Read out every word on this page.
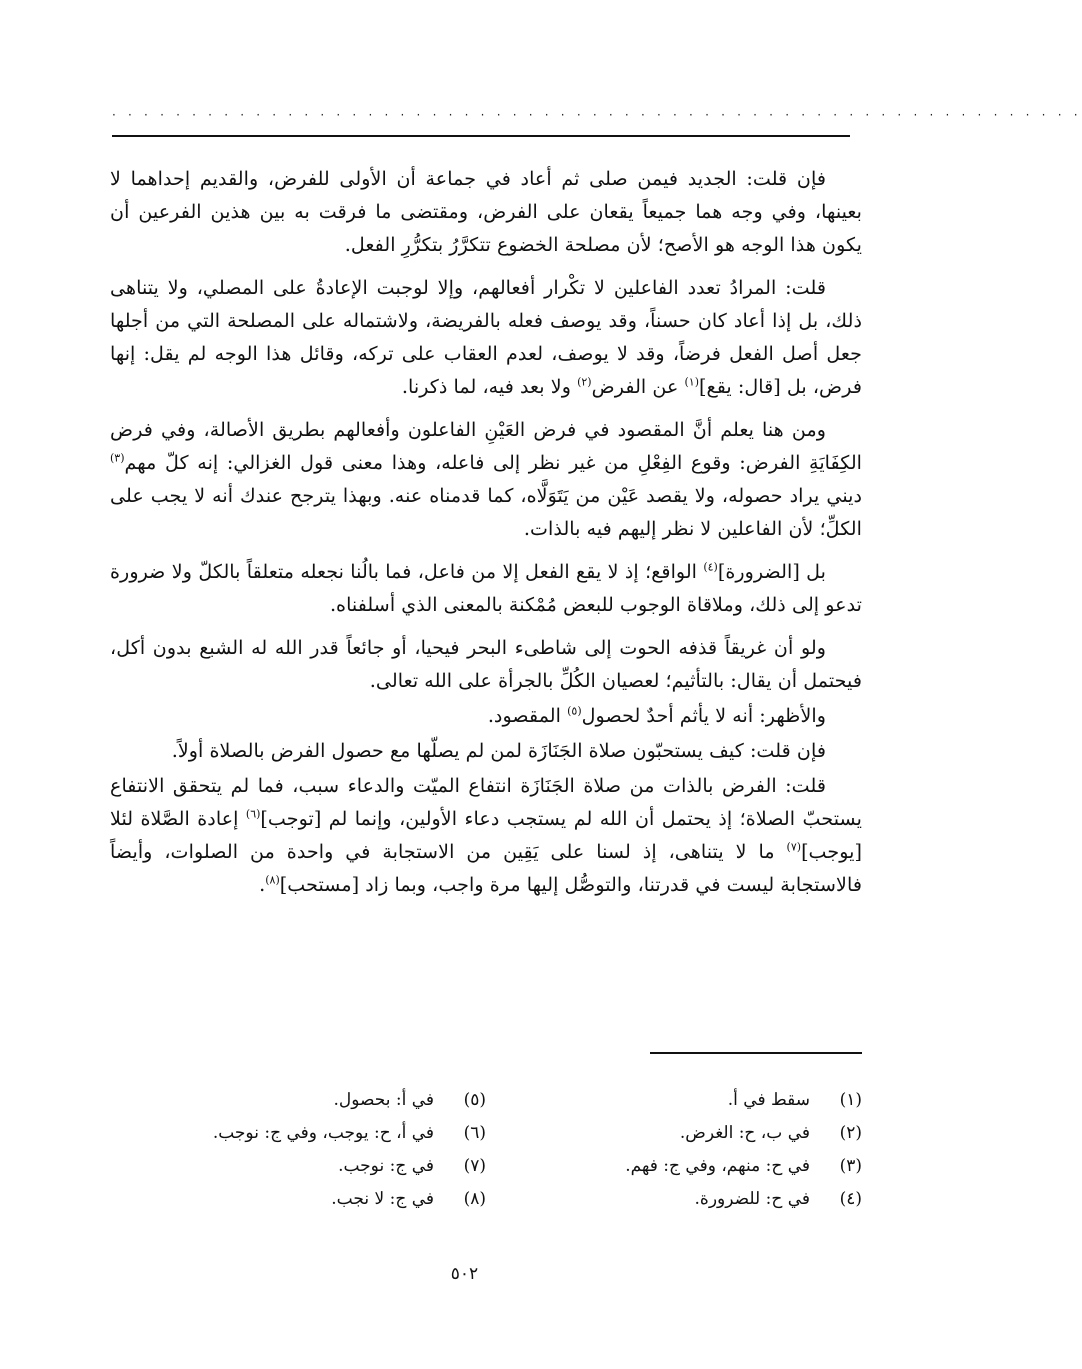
· · · · · · · · · · · · · · · · · · · · · · · · · · · · · · · · · · · · · · · · · · · · · · · · · · · · · · · · · · · · ·

فإن قلت: الجديد فيمن صلى ثم أعاد في جماعة أن الأولى للفرض، والقديم إحداهما لا بعينها، وفي وجه هما جميعاً يقعان على الفرض، ومقتضى ما فرقت به بين هذين الفرعين أن يكون هذا الوجه هو الأصح؛ لأن مصلحة الخضوع تتكرَّرُ بتكرُّرِ الفعل.

قلت: المرادُ تعدد الفاعلين لا تكْرار أفعالهم، وإلا لوجبت الإعادةُ على المصلي، ولا يتناهى ذلك، بل إذا أعاد كان حسناً، وقد يوصف فعله بالفريضة، ولاشتماله على المصلحة التي من أجلها جعل أصل الفعل فرضاً، وقد لا يوصف، لعدم العقاب على تركه، وقائل هذا الوجه لم يقل: إنها فرض، بل [قال: يقع]$^{(١)}$ عن الفرض$^{(٢)}$ ولا بعد فيه، لما ذكرنا.

ومن هنا يعلم أنَّ المقصود في فرض العَيْنِ الفاعلون وأفعالهم بطريق الأصالة، وفي فرض الكِفَايَةِ الفرض: وقوع الفِعْلِ من غير نظر إلى فاعله، وهذا معنى قول الغزالي: إنه كلّ مهم$^{(٣)}$ ديني يراد حصوله، ولا يقصد عَيْن من يَتَوَلَّاه، كما قدمناه عنه. وبهذا يترجح عندك أنه لا يجب على الكلِّ؛ لأن الفاعلين لا نظر إليهم فيه بالذات.

بل [الضرورة]$^{(٤)}$ الواقع؛ إذ لا يقع الفعل إلا من فاعل، فما بالُنا نجعله متعلقاً بالكلّ ولا ضرورة تدعو إلى ذلك، وملاقاة الوجوب للبعض مُمْكنة بالمعنى الذي أسلفناه.

ولو أن غريقاً قذفه الحوت إلى شاطىء البحر فيحيا، أو جائعاً قدر الله له الشبع بدون أكل، فيحتمل أن يقال: بالتأثيم؛ لعصيان الكُلِّ بالجرأة على الله تعالى.

والأظهر: أنه لا يأثم أحدٌ لحصول$^{(٥)}$ المقصود.

فإن قلت: كيف يستحبّون صلاة الجَنَازَة لمن لم يصلّها مع حصول الفرض بالصلاة أولاً.

قلت: الفرض بالذات من صلاة الجَنَازَة انتفاع الميّت والدعاء سبب، فما لم يتحقق الانتفاع يستحبّ الصلاة؛ إذ يحتمل أن الله لم يستجب دعاء الأولين، وإنما لم [توجب]$^{(٦)}$ إعادة الصَّلاة لئلا [يوجب]$^{(٧)}$ ما لا يتناهى، إذ لسنا على يَقِين من الاستجابة في واحدة من الصلوات، وأيضاً فالاستجابة ليست في قدرتنا، والتوصُّل إليها مرة واجب، وبما زاد [مستحب]$^{(٨)}$.

(١)سقط في أ.
(٢)في ب، ح: الغرض.
(٣)في ح: منهم، وفي ج: فهم.
(٤)في ح: للضرورة.
(٥)في أ: بحصول.
(٦)في أ، ح: يوجب، وفي ج: نوجب.
(٧)في ج: نوجب.
(٨)في ج: لا نجب.
٥٠٢
